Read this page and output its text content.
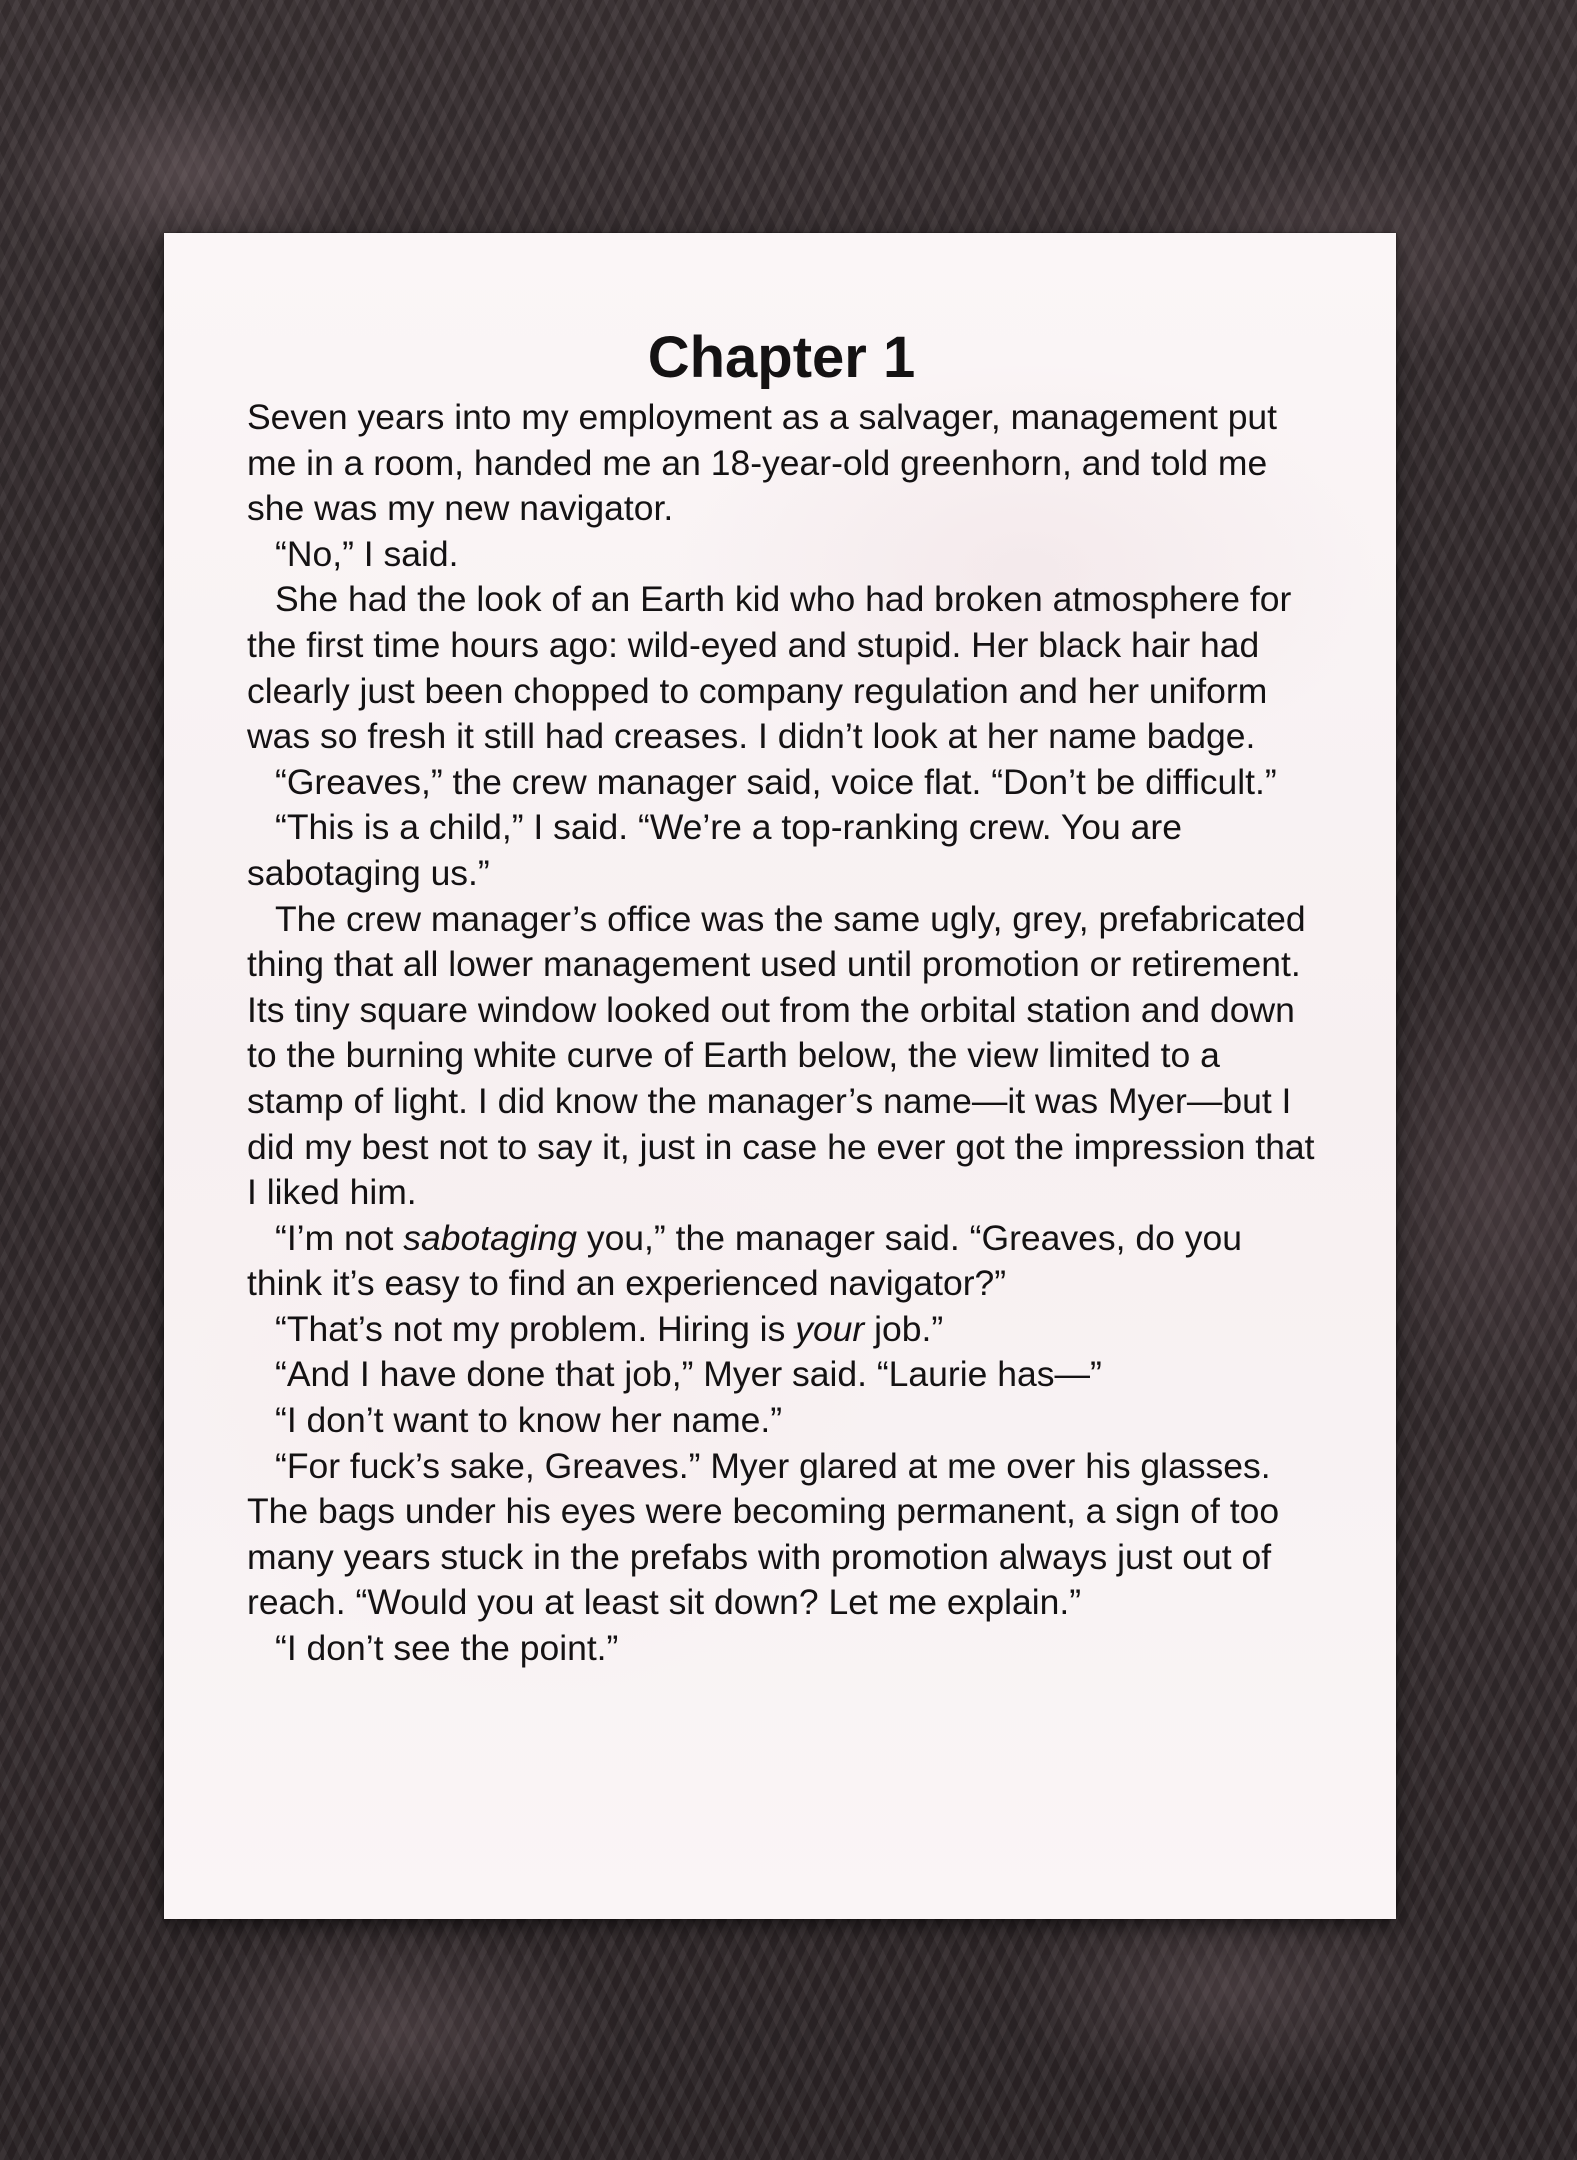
Chapter 1

Seven years into my employment as a salvager, management put me in a room, handed me an 18-year-old greenhorn, and told me she was my new navigator.

“No,” I said.

She had the look of an Earth kid who had broken atmosphere for the first time hours ago: wild-eyed and stupid. Her black hair had clearly just been chopped to company regulation and her uniform was so fresh it still had creases. I didn’t look at her name badge.

“Greaves,” the crew manager said, voice flat. “Don’t be difficult.”

“This is a child,” I said. “We’re a top-ranking crew. You are sabotaging us.”

The crew manager’s office was the same ugly, grey, prefabricated thing that all lower management used until promotion or retirement. Its tiny square window looked out from the orbital station and down to the burning white curve of Earth below, the view limited to a stamp of light. I did know the manager’s name—it was Myer—but I did my best not to say it, just in case he ever got the impression that I liked him.

“I’m not sabotaging you,” the manager said. “Greaves, do you think it’s easy to find an experienced navigator?”

“That’s not my problem. Hiring is your job.”

“And I have done that job,” Myer said. “Laurie has—”

“I don’t want to know her name.”

“For fuck’s sake, Greaves.” Myer glared at me over his glasses. The bags under his eyes were becoming permanent, a sign of too many years stuck in the prefabs with promotion always just out of reach. “Would you at least sit down? Let me explain.”

“I don’t see the point.”
